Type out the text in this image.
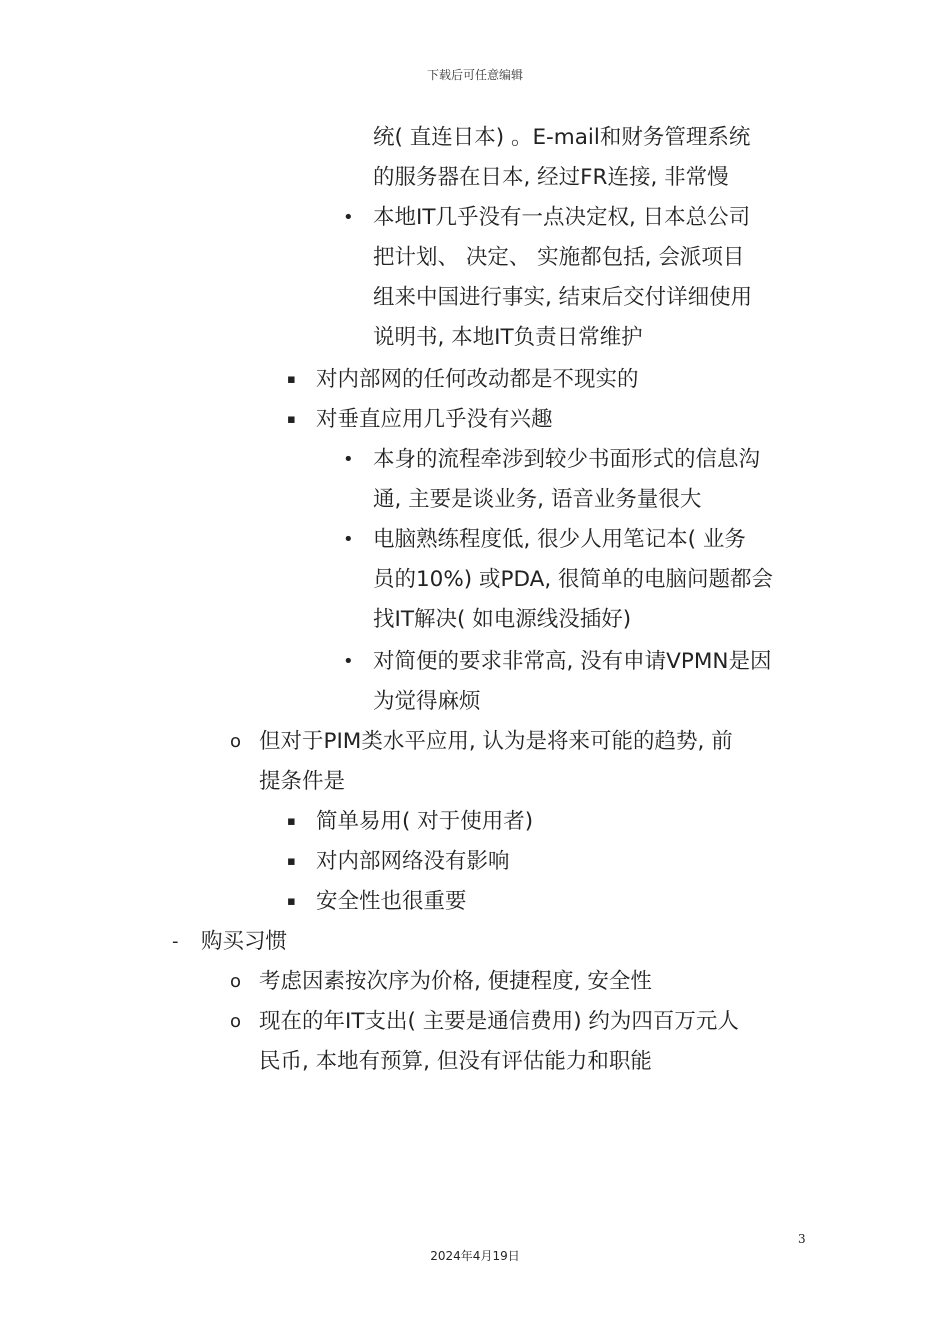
下载后可任意编辑
统( 直连日本) 。E-mail和财务管理系统
的服务器在日本, 经过FR连接, 非常慢
• 本地IT几乎没有一点决定权, 日本总公司
把计划、 决定、 实施都包括, 会派项目
组来中国进行事实, 结束后交付详细使用
说明书, 本地IT负责日常维护
▪ 对内部网的任何改动都是不现实的
▪ 对垂直应用几乎没有兴趣
• 本身的流程牵涉到较少书面形式的信息沟
通, 主要是谈业务, 语音业务量很大
• 电脑熟练程度低, 很少人用笔记本( 业务
员的10%) 或PDA, 很简单的电脑问题都会
找IT解决( 如电源线没插好)
• 对简便的要求非常高, 没有申请VPMN是因
为觉得麻烦
o 但对于PIM类水平应用, 认为是将来可能的趋势, 前
提条件是
▪ 简单易用( 对于使用者)
▪ 对内部网络没有影响
▪ 安全性也很重要
- 购买习惯
o 考虑因素按次序为价格, 便捷程度, 安全性
o 现在的年IT支出( 主要是通信费用) 约为四百万元人
民币, 本地有预算, 但没有评估能力和职能
3
2024年4月19日
